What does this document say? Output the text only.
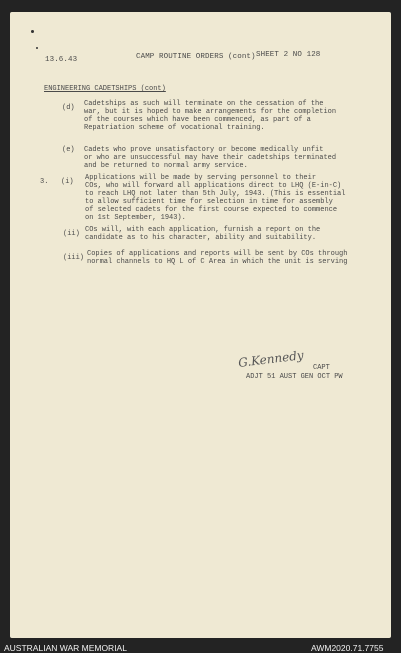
13.6.43	CAMP ROUTINE ORDERS (cont) SHEET 2 NO 128

ENGINEERING CADETSHIPS (cont)

(d) Cadetships as such will terminate on the cessation of the
war, but it is hoped to make arrangements for the completion
of the courses which have been commenced, as part of a
Repatriation scheme of vocational training.

(e) Cadets who prove unsatisfactory or become medically unfit
or who are unsuccessful may have their cadetships terminated
and be returned to normal army service.

3. (i) Applications will be made by serving personnel to their
COs, who will forward all applications direct to LHQ (E-in-C)
to reach LHQ not later than 5th July, 1943. (This is essential
to allow sufficient time for selection in time for assembly
of selected cadets for the first course expected to commence
on 1st September, 1943).

(ii) COs will, with each application, furnish a report on the
candidate as to his character, ability and suitability.

(iii) Copies of applications and reports will be sent by COs through
normal channels to HQ L of C Area in which the unit is serving

G.Kennedy CAPT
ADJT 51 AUST GEN OCT PW
AUSTRALIAN WAR MEMORIAL	AWM2020.71.7755
